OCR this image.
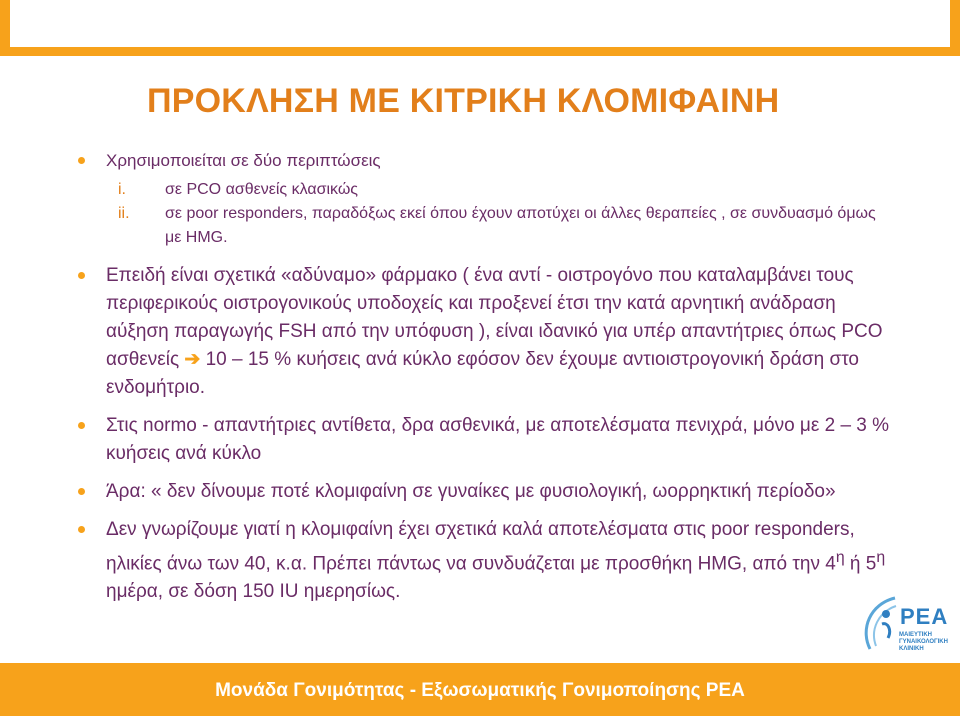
ΠΡΟΚΛΗΣΗ ΜΕ ΚΙΤΡΙΚΗ ΚΛΟΜΙΦΑΙΝΗ
Χρησιμοποιείται σε δύο περιπτώσεις
i.	σε PCO ασθενείς κλασικώς
ii.	σε poor responders, παραδόξως εκεί όπου έχουν αποτύχει οι άλλες θεραπείες , σε συνδυασμό όμως με HMG.
Επειδή είναι σχετικά «αδύναμο» φάρμακο ( ένα αντί - οιστρογόνο που καταλαμβάνει τους περιφερικούς οιστρογονικούς υποδοχείς και προξενεί έτσι την κατά αρνητική ανάδραση αύξηση παραγωγής FSH από την υπόφυση ), είναι ιδανικό για υπέρ απαντήτριες όπως PCO ασθενείς ➔ 10 – 15 % κυήσεις ανά κύκλο εφόσον δεν έχουμε αντιοιστρογονική δράση στο ενδομήτριο.
Στις normo - απαντήτριες αντίθετα, δρα ασθενικά, με αποτελέσματα πενιχρά, μόνο με 2 – 3 % κυήσεις ανά κύκλο
Άρα: « δεν δίνουμε ποτέ κλομιφαίνη σε γυναίκες με φυσιολογική, ωορρηκτική περίοδο»
Δεν γνωρίζουμε γιατί η κλομιφαίνη έχει σχετικά καλά αποτελέσματα στις poor responders, ηλικίες άνω των 40, κ.α. Πρέπει πάντως να συνδυάζεται με προσθήκη HMG, από την $4^\eta$ ή $5^\eta$ ημέρα, σε δόση 150 IU ημερησίως.
ΡΕΑ
ΜΑΙΕΥΤΙΚΗ ΓΥΝΑΙΚΟΛΟΓΙΚΗ ΚΛΙΝΙΚΗ
Μονάδα Γονιμότητας - Εξωσωματικής Γονιμοποίησης ΡΕΑ
